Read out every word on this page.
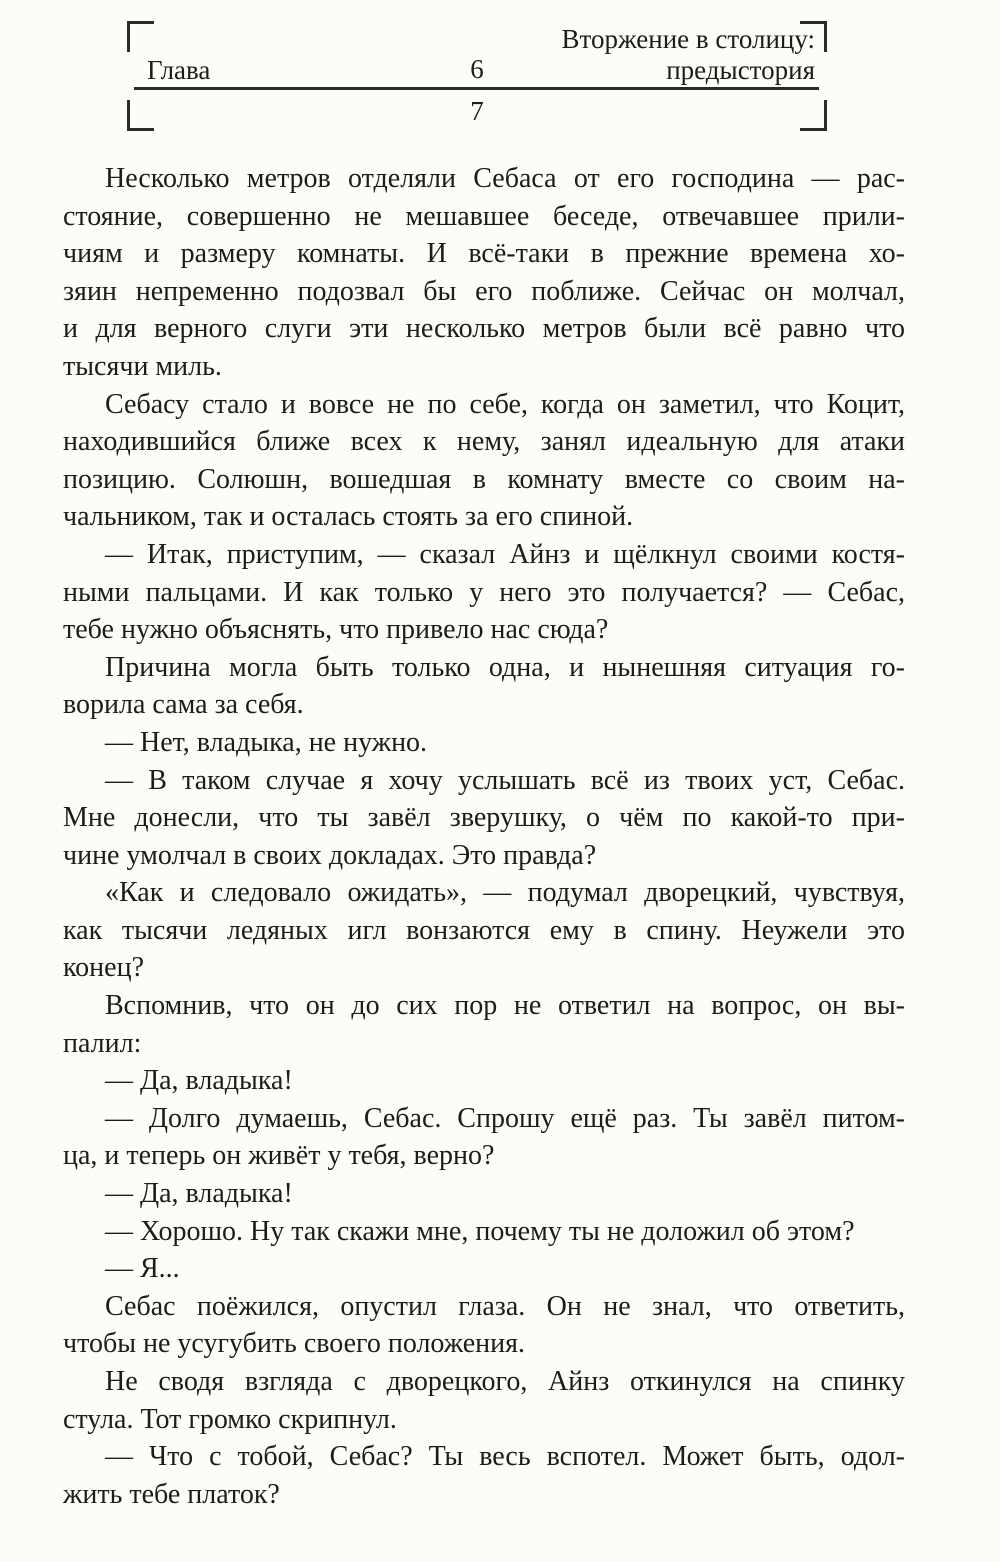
Глава	6
Вторжение в столицу:
предыстория
7
Несколько метров отделяли Себаса от его господина — рас-
стояние, совершенно не мешавшее беседе, отвечавшее прили-
чиям и размеру комнаты. И всё-таки в прежние времена хо-
зяин непременно подозвал бы его поближе. Сейчас он молчал,
и для верного слуги эти несколько метров были всё равно что
тысячи миль.
Себасу стало и вовсе не по себе, когда он заметил, что Коцит,
находившийся ближе всех к нему, занял идеальную для атаки
позицию. Солюшн, вошедшая в комнату вместе со своим на-
чальником, так и осталась стоять за его спиной.
— Итак, приступим, — сказал Айнз и щёлкнул своими костя-
ными пальцами. И как только у него это получается? — Себас,
тебе нужно объяснять, что привело нас сюда?
Причина могла быть только одна, и нынешняя ситуация го-
ворила сама за себя.
— Нет, владыка, не нужно.
— В таком случае я хочу услышать всё из твоих уст, Себас.
Мне донесли, что ты завёл зверушку, о чём по какой-то при-
чине умолчал в своих докладах. Это правда?
«Как и следовало ожидать», — подумал дворецкий, чувствуя,
как тысячи ледяных игл вонзаются ему в спину. Неужели это
конец?
Вспомнив, что он до сих пор не ответил на вопрос, он вы-
палил:
— Да, владыка!
— Долго думаешь, Себас. Спрошу ещё раз. Ты завёл питом-
ца, и теперь он живёт у тебя, верно?
— Да, владыка!
— Хорошо. Ну так скажи мне, почему ты не доложил об этом?
— Я...
Себас поёжился, опустил глаза. Он не знал, что ответить,
чтобы не усугубить своего положения.
Не сводя взгляда с дворецкого, Айнз откинулся на спинку
стула. Тот громко скрипнул.
— Что с тобой, Себас? Ты весь вспотел. Может быть, одол-
жить тебе платок?
